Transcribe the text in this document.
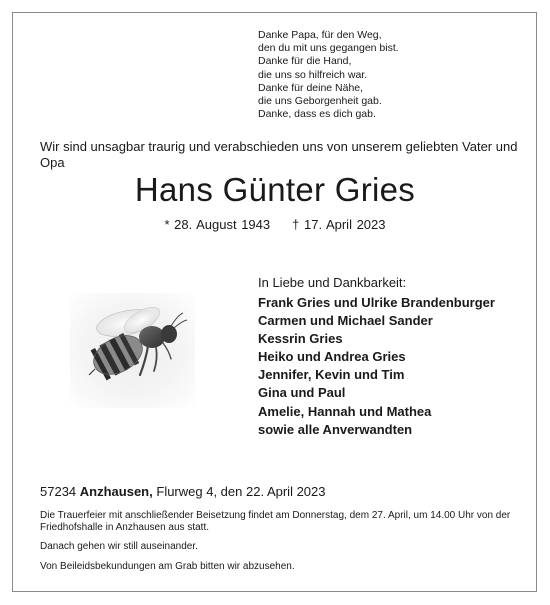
Danke Papa, für den Weg,
den du mit uns gegangen bist.
Danke für die Hand,
die uns so hilfreich war.
Danke für deine Nähe,
die uns Geborgenheit gab.
Danke, dass es dich gab.
Wir sind unsagbar traurig und verabschieden uns von unserem geliebten Vater und Opa
Hans Günter Gries
* 28. August 1943 † 17. April 2023
In Liebe und Dankbarkeit:
Frank Gries und Ulrike Brandenburger
Carmen und Michael Sander
Kessrin Gries
Heiko und Andrea Gries
Jennifer, Kevin und Tim
Gina und Paul
Amelie, Hannah und Mathea
sowie alle Anverwandten
57234 Anzhausen, Flurweg 4, den 22. April 2023
Die Trauerfeier mit anschließender Beisetzung findet am Donnerstag, dem 27. April, um 14.00 Uhr von der Friedhofshalle in Anzhausen aus statt.
Danach gehen wir still auseinander.
Von Beileidsbekundungen am Grab bitten wir abzusehen.
